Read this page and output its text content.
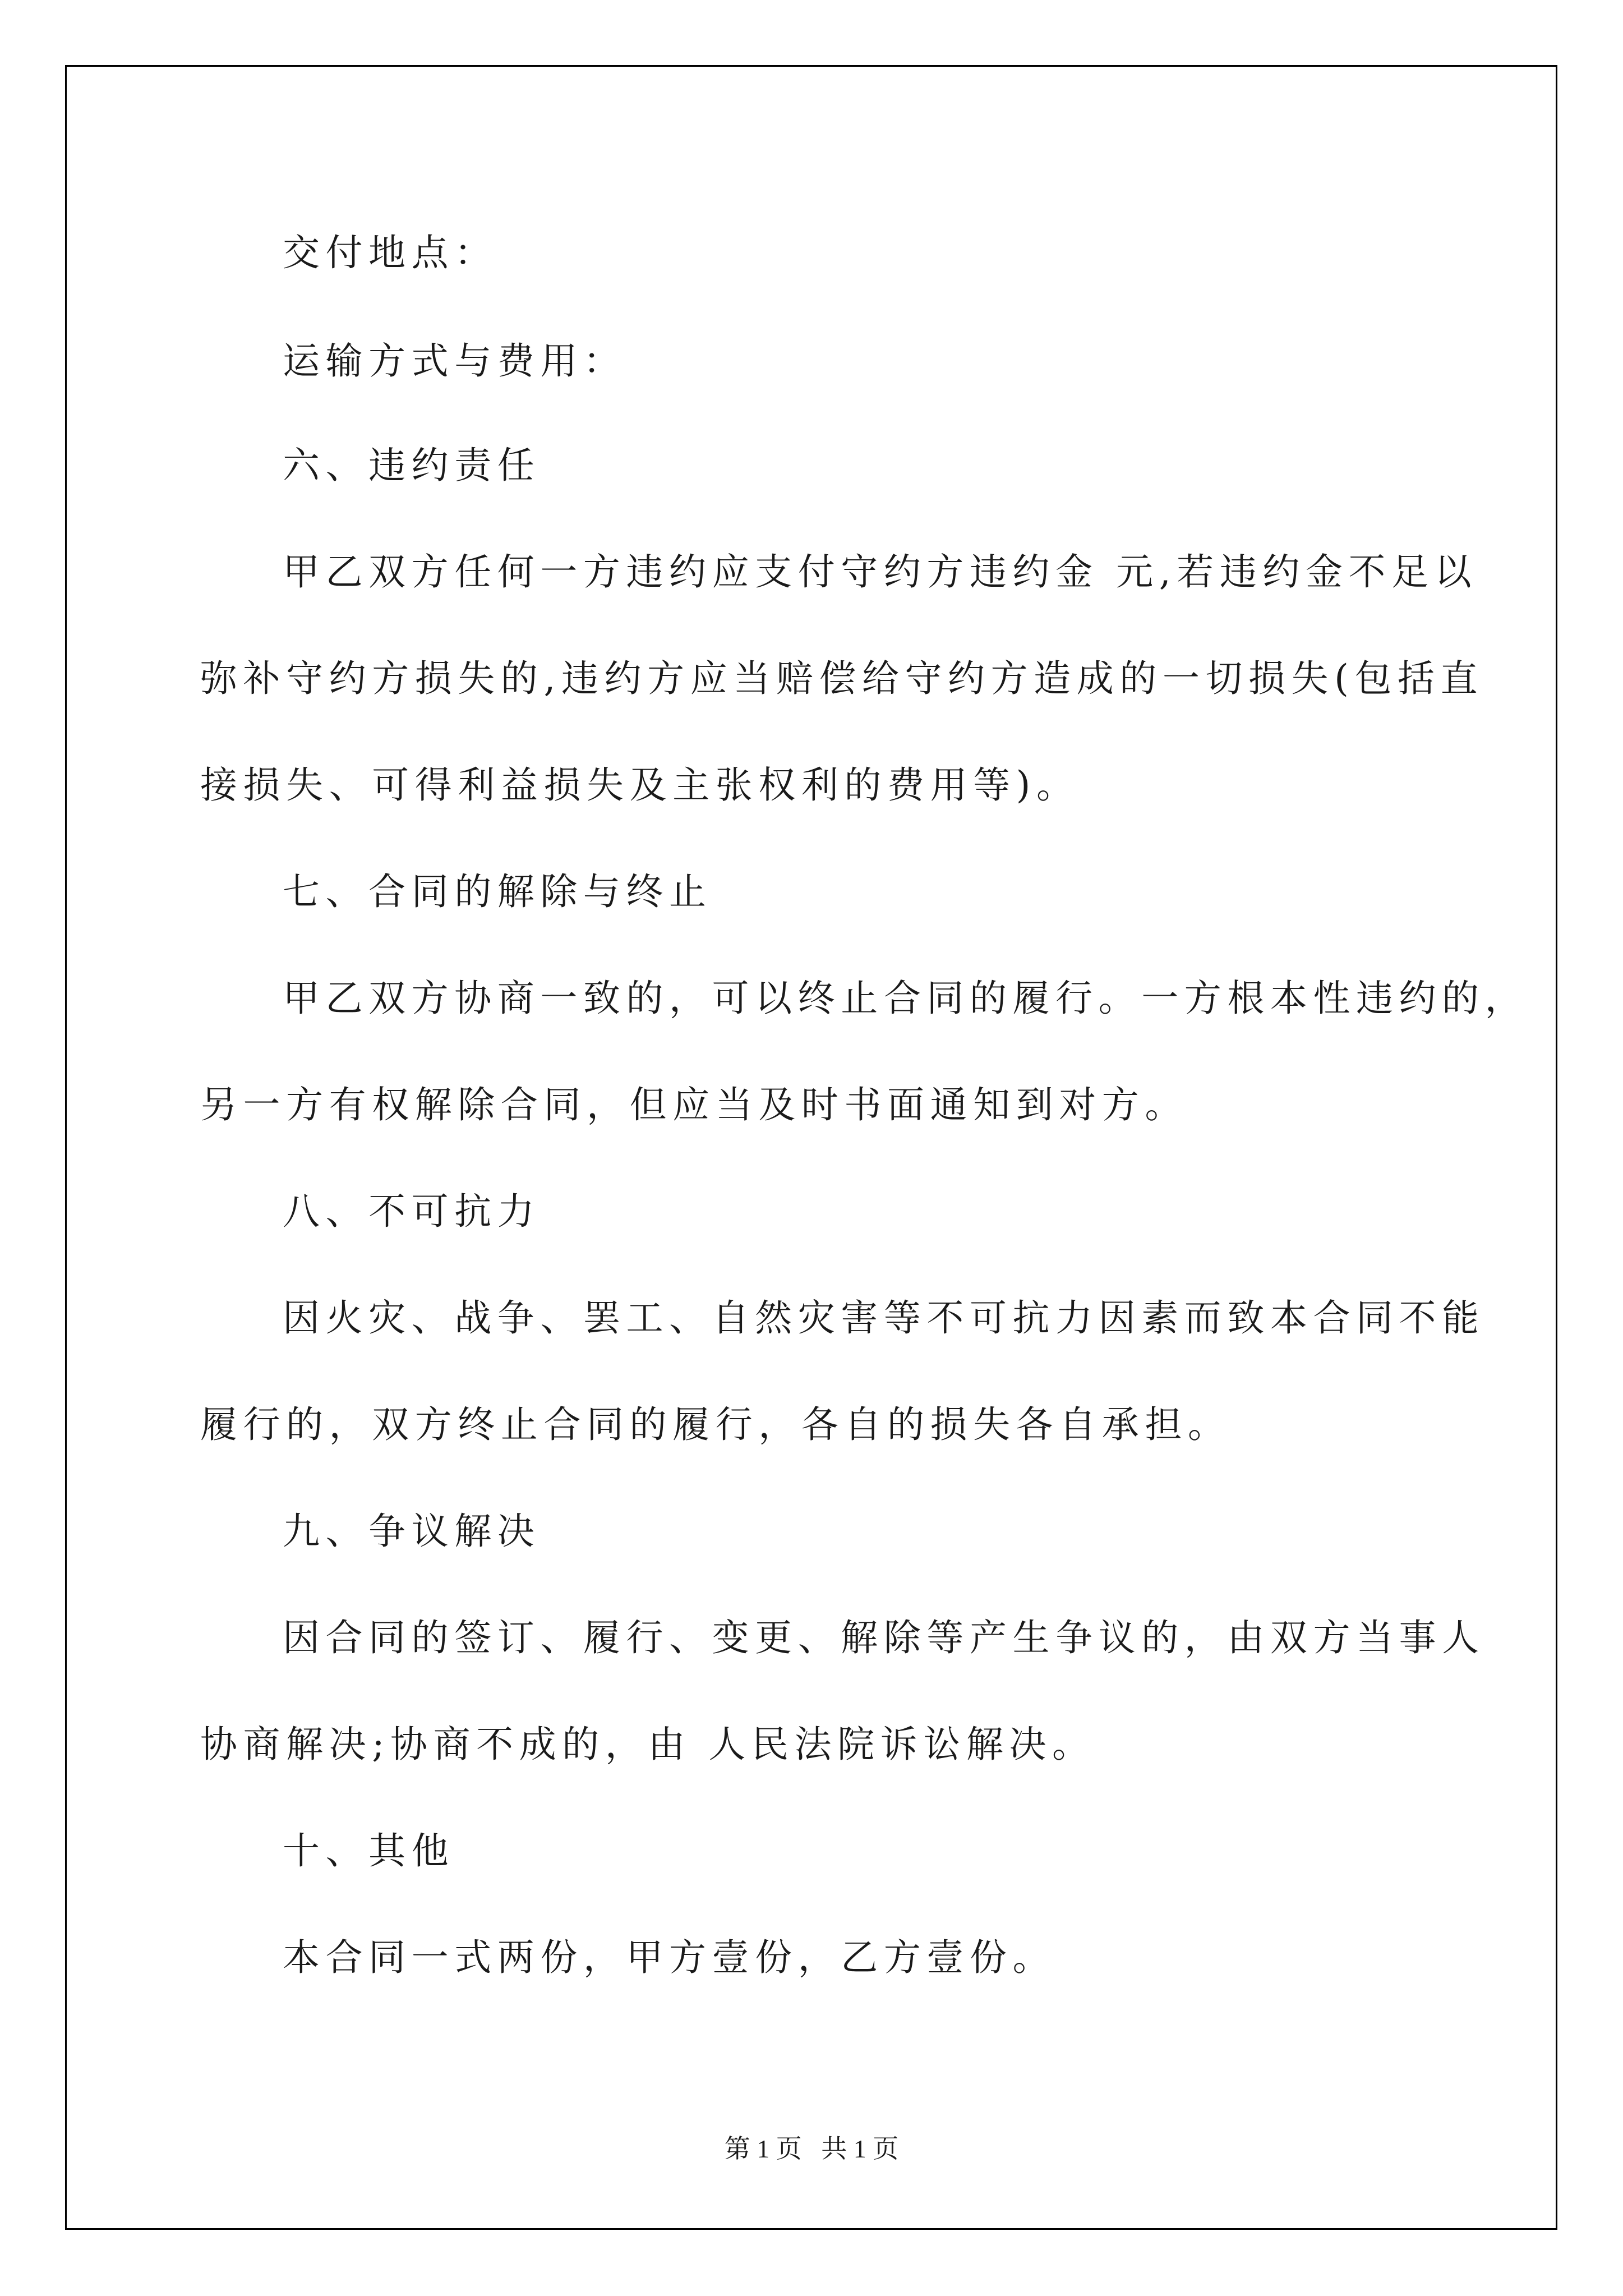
交付地点：

运输方式与费用：

六、违约责任

甲乙双方任何一方违约应支付守约方违约金 元,若违约金不足以

弥补守约方损失的,违约方应当赔偿给守约方造成的一切损失(包括直

接损失、可得利益损失及主张权利的费用等)。

七、合同的解除与终止

甲乙双方协商一致的，可以终止合同的履行。一方根本性违约的，

另一方有权解除合同，但应当及时书面通知到对方。

八、不可抗力

因火灾、战争、罢工、自然灾害等不可抗力因素而致本合同不能

履行的，双方终止合同的履行，各自的损失各自承担。

九、争议解决

因合同的签订、履行、变更、解除等产生争议的，由双方当事人

协商解决;协商不成的，由 人民法院诉讼解决。

十、其他

本合同一式两份，甲方壹份，乙方壹份。

第 1 页   共 1 页
